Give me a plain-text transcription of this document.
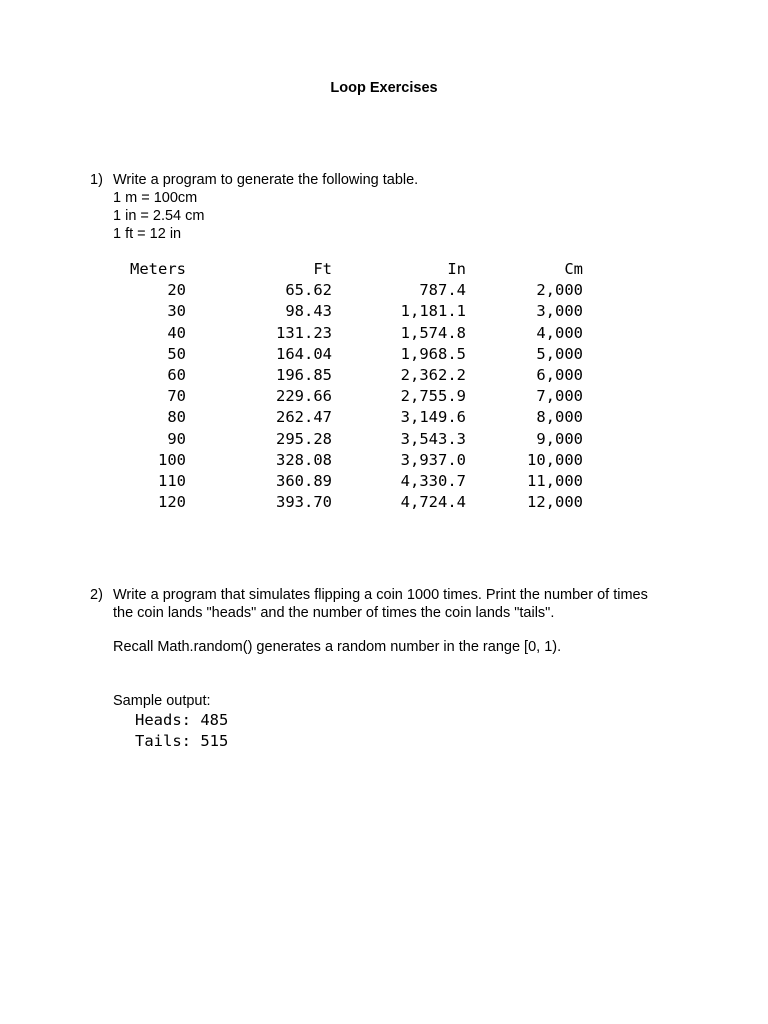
Loop Exercises
1) Write a program to generate the following table.
1 m = 100cm
1 in = 2.54 cm
1 ft = 12 in
Meters	Ft	In	Cm
20	65.62	787.4	2,000
30	98.43	1,181.1	3,000
40	131.23	1,574.8	4,000
50	164.04	1,968.5	5,000
60	196.85	2,362.2	6,000
70	229.66	2,755.9	7,000
80	262.47	3,149.6	8,000
90	295.28	3,543.3	9,000
100	328.08	3,937.0	10,000
110	360.89	4,330.7	11,000
120	393.70	4,724.4	12,000
2) Write a program that simulates flipping a coin 1000 times. Print the number of times
the coin lands "heads" and the number of times the coin lands "tails".
Recall Math.random() generates a random number in the range [0, 1).
Sample output:
Heads: 485
Tails: 515
